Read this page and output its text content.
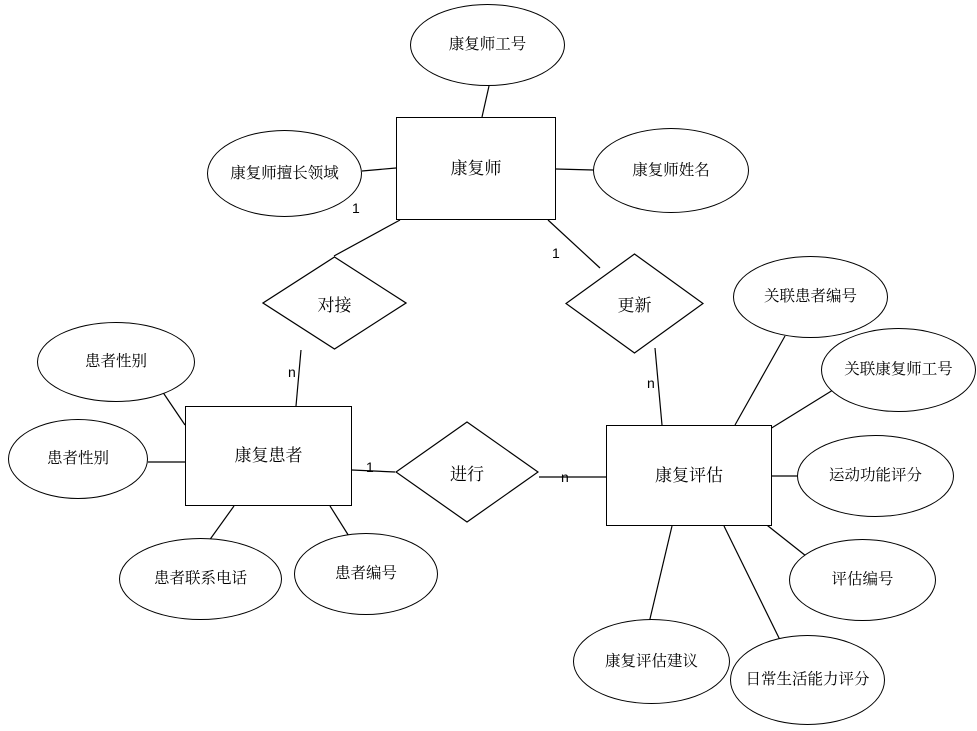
康复师
康复患者
康复评估
对接	更新
进行
康复师工号
康复师擅长领域	康复师姓名
患者性别
患者性别
患者联系电话	患者编号
关联患者编号
关联康复师工号
运动功能评分
评估编号
日常生活能力评分
康复评估建议
1
n
1
n
1
n
